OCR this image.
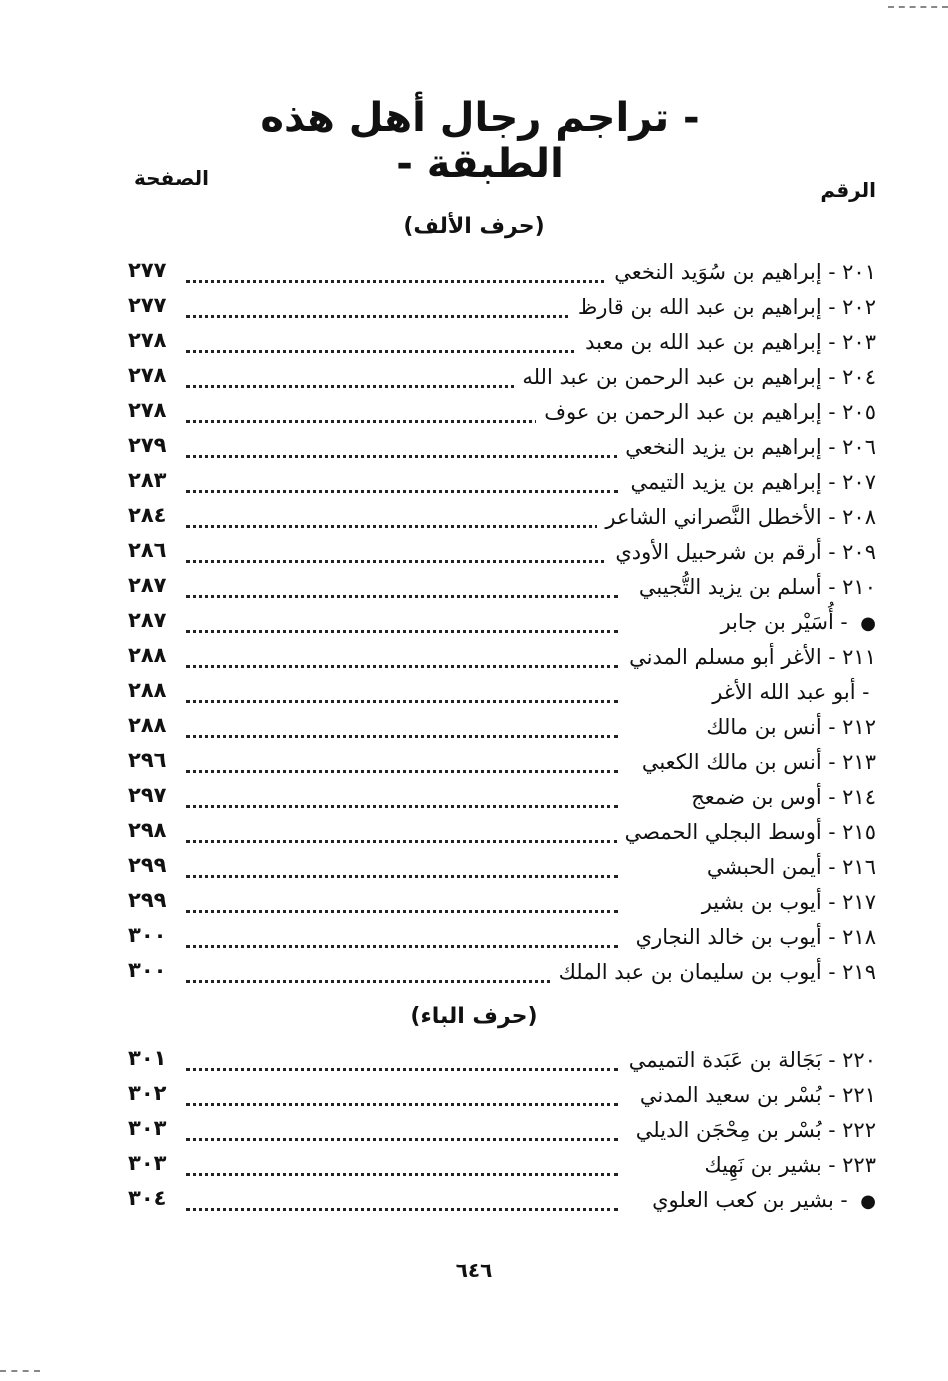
- تراجم رجال أهل هذه الطبقة -
الصفحة	الرقم
(حرف الألف)
٢٠١ - إبراهيم بن سُوَيد النخعي
٢٧٧
٢٠٢ - إبراهيم بن عبد الله بن قارظ
٢٧٧
٢٠٣ - إبراهيم بن عبد الله بن معبد
٢٧٨
٢٠٤ - إبراهيم بن عبد الرحمن بن عبد الله
٢٧٨
٢٠٥ - إبراهيم بن عبد الرحمن بن عوف
٢٧٨
٢٠٦ - إبراهيم بن يزيد النخعي
٢٧٩
٢٠٧ - إبراهيم بن يزيد التيمي
٢٨٣
٢٠٨ - الأخطل النَّصراني الشاعر
٢٨٤
٢٠٩ - أرقم بن شرحبيل الأودي
٢٨٦
٢١٠ - أسلم بن يزيد التُّجيبي
٢٨٧
● - أُسَيْر بن جابر
٢٨٧
٢١١ - الأغر أبو مسلم المدني
٢٨٨
- أبو عبد الله الأغر
٢٨٨
٢١٢ - أنس بن مالك
٢٨٨
٢١٣ - أنس بن مالك الكعبي
٢٩٦
٢١٤ - أوس بن ضمعج
٢٩٧
٢١٥ - أوسط البجلي الحمصي
٢٩٨
٢١٦ - أيمن الحبشي
٢٩٩
٢١٧ - أيوب بن بشير
٢٩٩
٢١٨ - أيوب بن خالد النجاري
٣٠٠
٢١٩ - أيوب بن سليمان بن عبد الملك
٣٠٠
(حرف الباء)
٢٢٠ - بَجَالة بن عَبَدة التميمي
٣٠١
٢٢١ - بُسْر بن سعيد المدني
٣٠٢
٢٢٢ - بُسْر بن مِحْجَن الديلي
٣٠٣
٢٢٣ - بشير بن نَهِيك
٣٠٣
● - بشير بن كعب العلوي
٣٠٤
٦٤٦
